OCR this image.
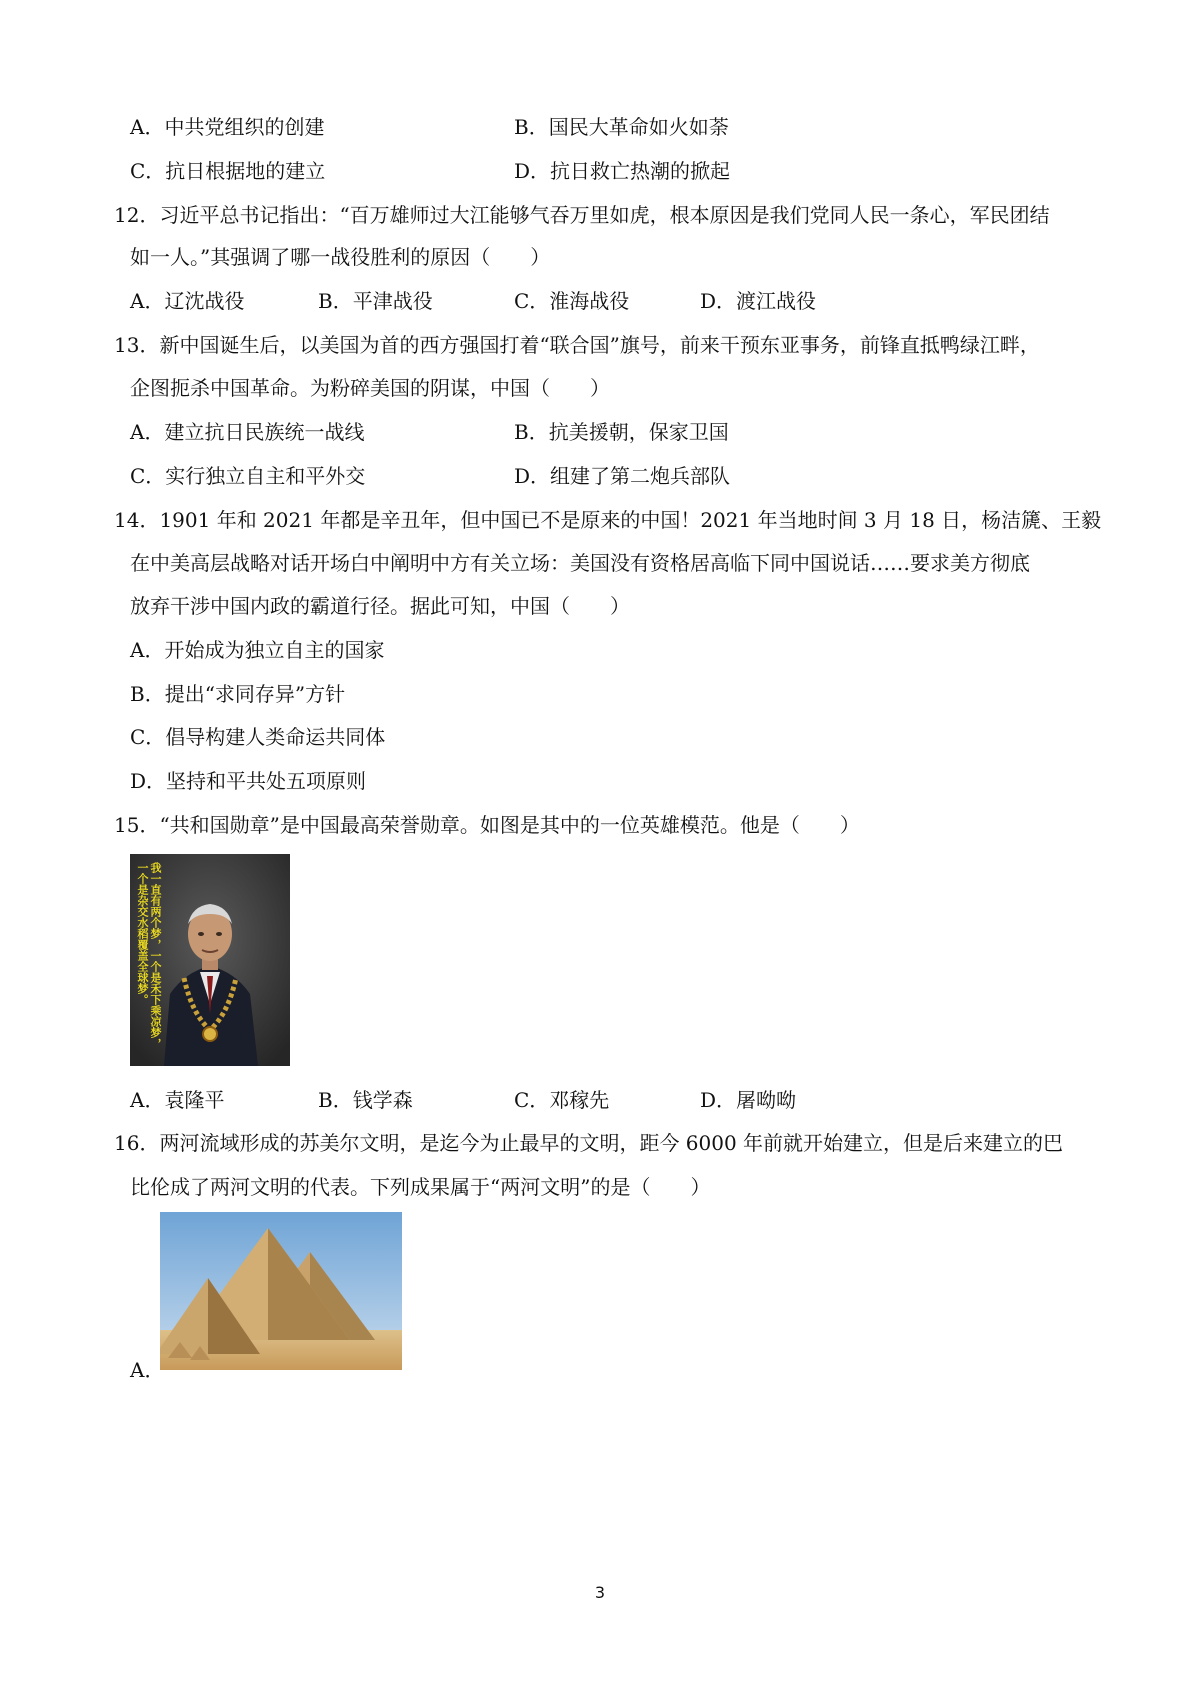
A．中共党组织的创建	B．国民大革命如火如荼
C．抗日根据地的建立	D．抗日救亡热潮的掀起
12．习近平总书记指出：“百万雄师过大江能够气吞万里如虎，根本原因是我们党同人民一条心，军民团结
如一人。”其强调了哪一战役胜利的原因（　　）
A．辽沈战役	B．平津战役	C．淮海战役	D．渡江战役
13．新中国诞生后，以美国为首的西方强国打着“联合国”旗号，前来干预东亚事务，前锋直抵鸭绿江畔，
企图扼杀中国革命。为粉碎美国的阴谋，中国（　　）
A．建立抗日民族统一战线	B．抗美援朝，保家卫国
C．实行独立自主和平外交	D．组建了第二炮兵部队
14．1901 年和 2021 年都是辛丑年，但中国已不是原来的中国！2021 年当地时间 3 月 18 日，杨洁篪、王毅
在中美高层战略对话开场白中阐明中方有关立场：美国没有资格居高临下同中国说话……要求美方彻底
放弃干涉中国内政的霸道行径。据此可知，中国（　　）
A．开始成为独立自主的国家
B．提出“求同存异”方针
C．倡导构建人类命运共同体
D．坚持和平共处五项原则
15．“共和国勋章”是中国最高荣誉勋章。如图是其中的一位英雄模范。他是（　　）
我一直有两个梦，一个是禾下乘凉梦，一个是杂交水稻覆盖全球梦。
A．袁隆平	B．钱学森	C．邓稼先	D．屠呦呦
16．两河流域形成的苏美尔文明，是迄今为止最早的文明，距今 6000 年前就开始建立，但是后来建立的巴
比伦成了两河文明的代表。下列成果属于“两河文明”的是（　　）
A．
3
